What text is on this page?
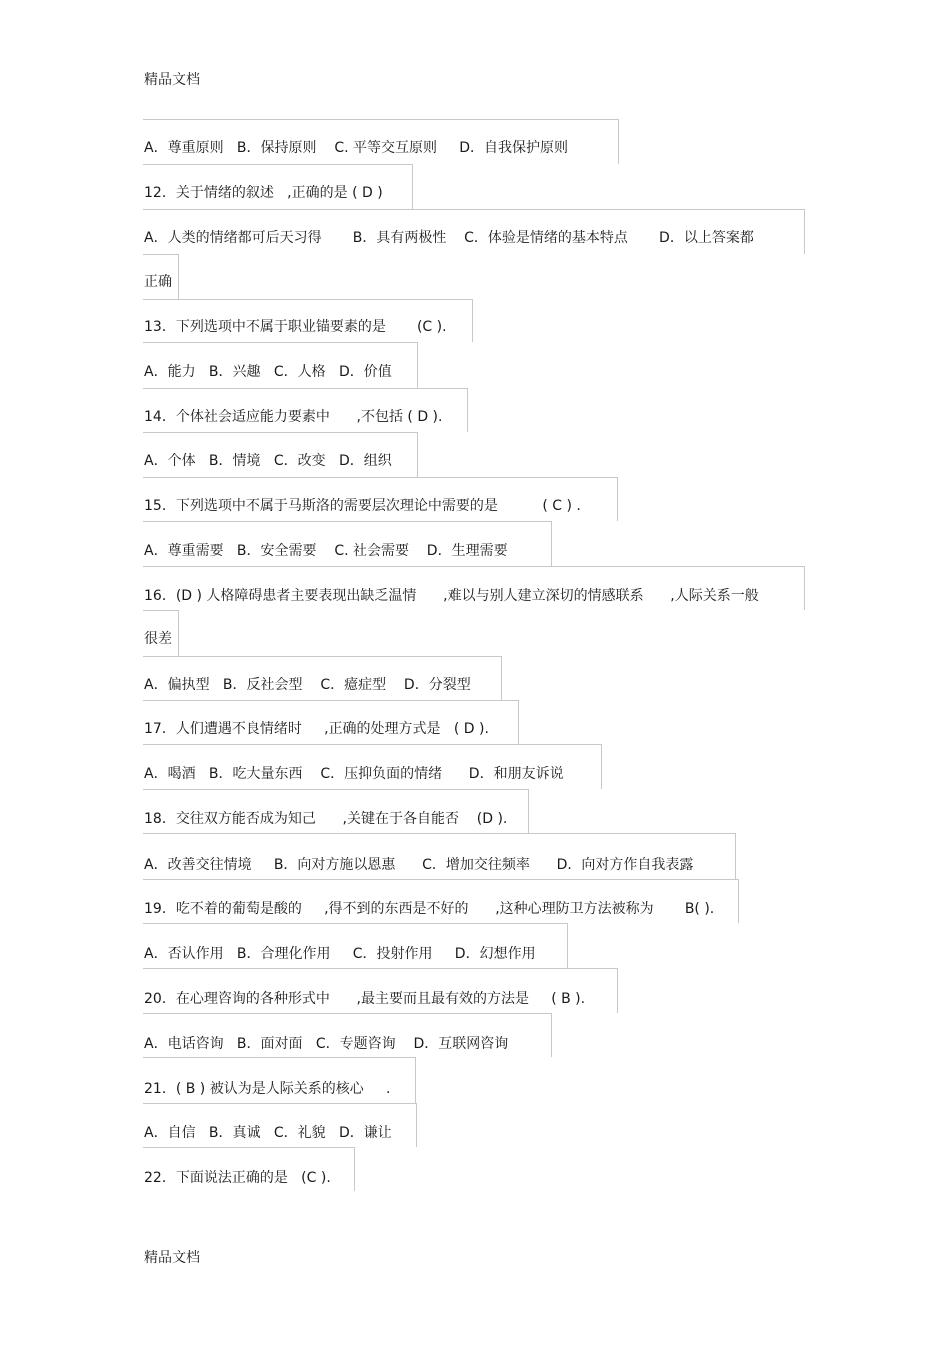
精品文档
A．尊重原则   B．保持原则    C. 平等交互原则     D．自我保护原则
12．关于情绪的叙述   ,正确的是 ( D )
A．人类的情绪都可后天习得       B．具有两极性    C．体验是情绪的基本特点       D．以上答案都
正确
13．下列选项中不属于职业锚要素的是       (C ).
A．能力   B．兴趣   C．人格   D．价值
14．个体社会适应能力要素中      ,不包括 ( D ).
A．个体   B．情境   C．改变   D．组织
15．下列选项中不属于马斯洛的需要层次理论中需要的是          ( C ) .
A．尊重需要   B．安全需要    C. 社会需要    D．生理需要
16．(D ) 人格障碍患者主要表现出缺乏温情      ,难以与别人建立深切的情感联系      ,人际关系一般
很差
A．偏执型   B．反社会型    C．癔症型    D．分裂型
17．人们遭遇不良情绪时     ,正确的处理方式是   ( D ).
A．喝酒   B．吃大量东西    C．压抑负面的情绪      D．和朋友诉说
18．交往双方能否成为知己      ,关键在于各自能否    (D ).
A．改善交往情境     B．向对方施以恩惠      C．增加交往频率      D．向对方作自我表露
19．吃不着的葡萄是酸的     ,得不到的东西是不好的      ,这种心理防卫方法被称为       B( ).
A．否认作用   B．合理化作用     C．投射作用     D．幻想作用
20．在心理咨询的各种形式中      ,最主要而且最有效的方法是     ( B ).
A．电话咨询   B．面对面   C．专题咨询    D．互联网咨询
21．( B ) 被认为是人际关系的核心     .
A．自信   B．真诚   C．礼貌   D．谦让
22．下面说法正确的是   (C ).
精品文档
